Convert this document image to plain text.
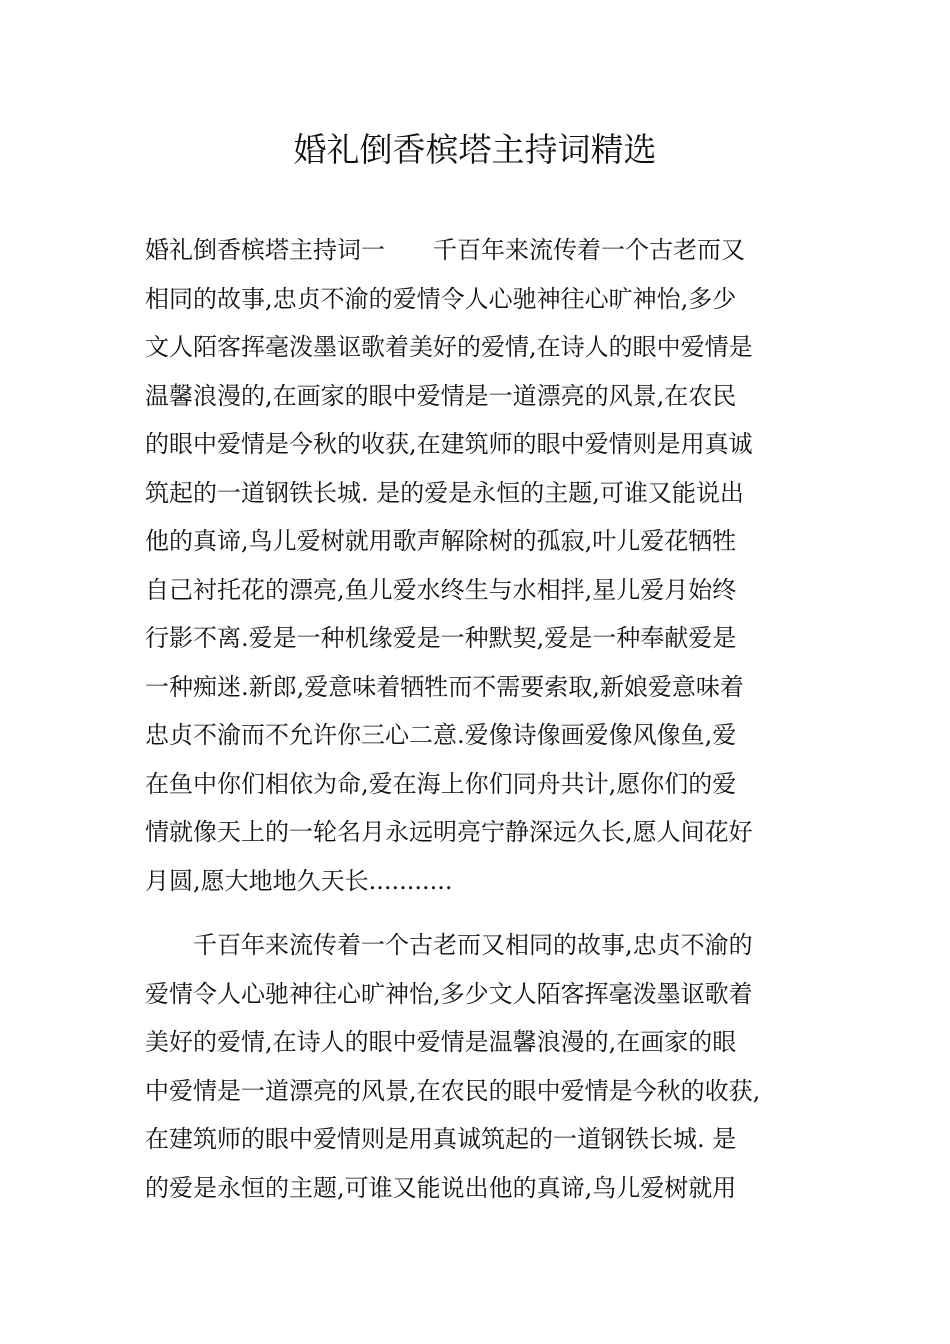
婚礼倒香槟塔主持词精选
婚礼倒香槟塔主持词一　　千百年来流传着一个古老而又
相同的故事,忠贞不渝的爱情令人心驰神往心旷神怡,多少
文人陌客挥毫泼墨讴歌着美好的爱情,在诗人的眼中爱情是
温馨浪漫的,在画家的眼中爱情是一道漂亮的风景,在农民
的眼中爱情是今秋的收获,在建筑师的眼中爱情则是用真诚
筑起的一道钢铁长城. 是的爱是永恒的主题,可谁又能说出
他的真谛,鸟儿爱树就用歌声解除树的孤寂,叶儿爱花牺牲
自己衬托花的漂亮,鱼儿爱水终生与水相拌,星儿爱月始终
行影不离.爱是一种机缘爱是一种默契,爱是一种奉献爱是
一种痴迷.新郎,爱意味着牺牲而不需要索取,新娘爱意味着
忠贞不渝而不允许你三心二意.爱像诗像画爱像风像鱼,爱
在鱼中你们相依为命,爱在海上你们同舟共计,愿你们的爱
情就像天上的一轮名月永远明亮宁静深远久长,愿人间花好
月圆,愿大地地久天长...........
　　千百年来流传着一个古老而又相同的故事,忠贞不渝的
爱情令人心驰神往心旷神怡,多少文人陌客挥毫泼墨讴歌着
美好的爱情,在诗人的眼中爱情是温馨浪漫的,在画家的眼
中爱情是一道漂亮的风景,在农民的眼中爱情是今秋的收获,
在建筑师的眼中爱情则是用真诚筑起的一道钢铁长城. 是
的爱是永恒的主题,可谁又能说出他的真谛,鸟儿爱树就用
